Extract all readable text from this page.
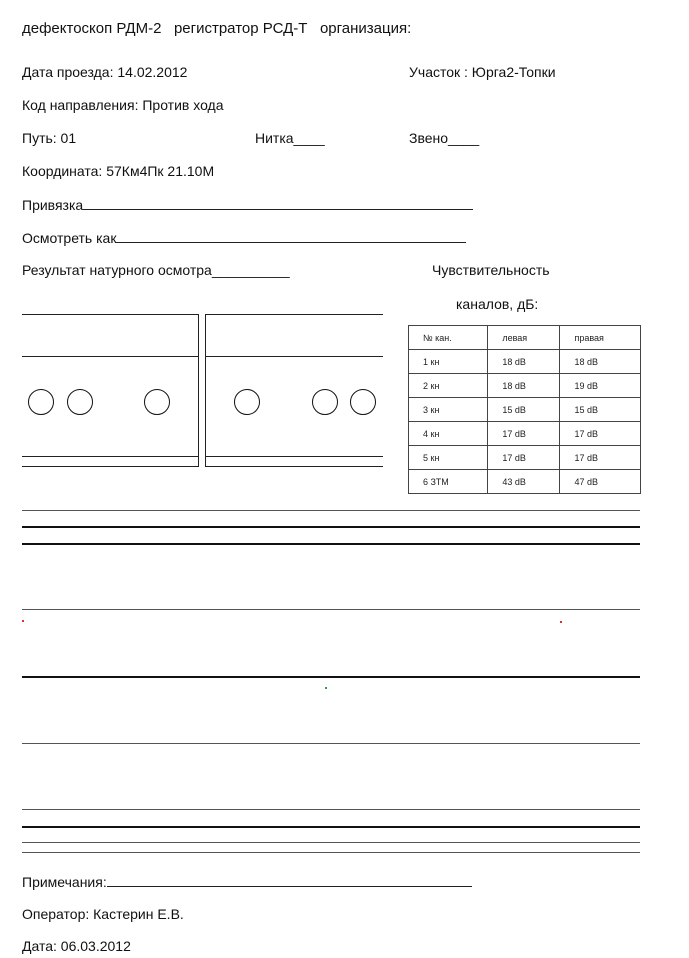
дефектоскоп РДМ-2 регистратор РСД-Т организация:
Дата проезда: 14.02.2012	Участок : Юрга2-Топки
Код направления: Против хода
Путь: 01	Нитка____	Звено____
Координата: 57Км4Пк 21.10М
Привязка
Осмотреть как
Результат натурного осмотра__________	Чувствительность
каналов, дБ:
№ кан.	левая	правая
1 кн	18 dB	18 dB
2 кн	18 dB	19 dB
3 кн	15 dB	15 dB
4 кн	17 dB	17 dB
5 кн	17 dB	17 dB
6 ЗТМ	43 dB	47 dB
Примечания:
Оператор: Кастерин Е.В.
Дата: 06.03.2012
